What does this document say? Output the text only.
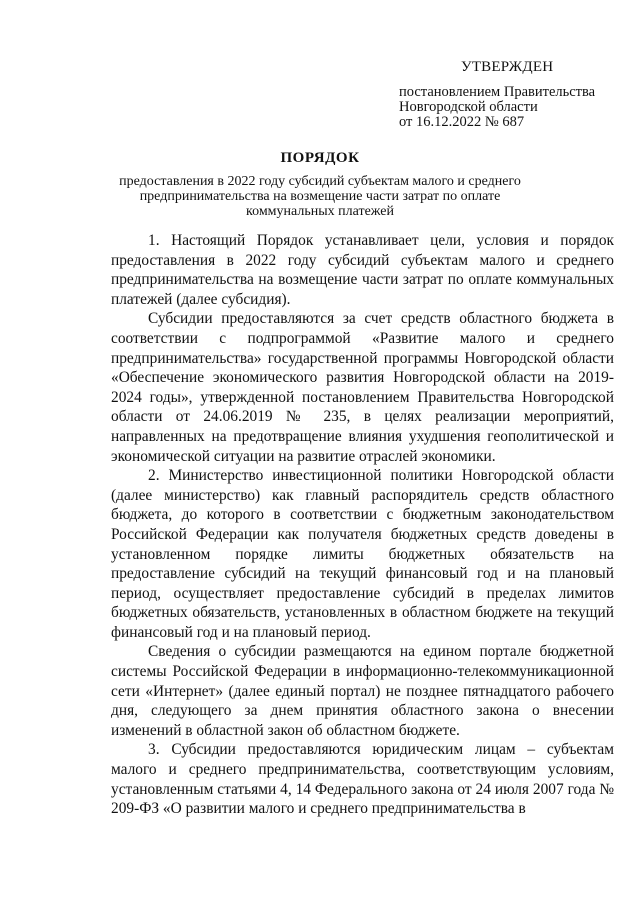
УТВЕРЖДЕН
постановлением Правительства
Новгородской области
от 16.12.2022 № 687
ПОРЯДОК
предоставления в 2022 году субсидий субъектам малого и среднего
предпринимательства на возмещение части затрат по оплате
коммунальных платежей

1. Настоящий Порядок устанавливает цели, условия и порядок предоставления в 2022 году субсидий субъектам малого и среднего предпринимательства на возмещение части затрат по оплате коммунальных платежей (далее субсидия).

Субсидии предоставляются за счет средств областного бюджета в соответствии с подпрограммой «Развитие малого и среднего предпринимательства» государственной программы Новгородской области «Обеспечение экономического развития Новгородской области на 2019-2024 годы», утвержденной постановлением Правительства Новгородской области от 24.06.2019 № 235, в целях реализации мероприятий, направленных на предотвращение влияния ухудшения геополитической и экономической ситуации на развитие отраслей экономики.

2. Министерство инвестиционной политики Новгородской области (далее министерство) как главный распорядитель средств областного бюджета, до которого в соответствии с бюджетным законодательством Российской Федерации как получателя бюджетных средств доведены в установленном порядке лимиты бюджетных обязательств на предоставление субсидий на текущий финансовый год и на плановый период, осуществляет предоставление субсидий в пределах лимитов бюджетных обязательств, установленных в областном бюджете на текущий финансовый год и на плановый период.

Сведения о субсидии размещаются на едином портале бюджетной системы Российской Федерации в информационно-телекоммуникационной сети «Интернет» (далее единый портал) не позднее пятнадцатого рабочего дня, следующего за днем принятия областного закона о внесении изменений в областной закон об областном бюджете.

3. Субсидии предоставляются юридическим лицам – субъектам малого и среднего предпринимательства, соответствующим условиям, установленным статьями 4, 14 Федерального закона от 24 июля 2007 года № 209-ФЗ «О развитии малого и среднего предпринимательства в
